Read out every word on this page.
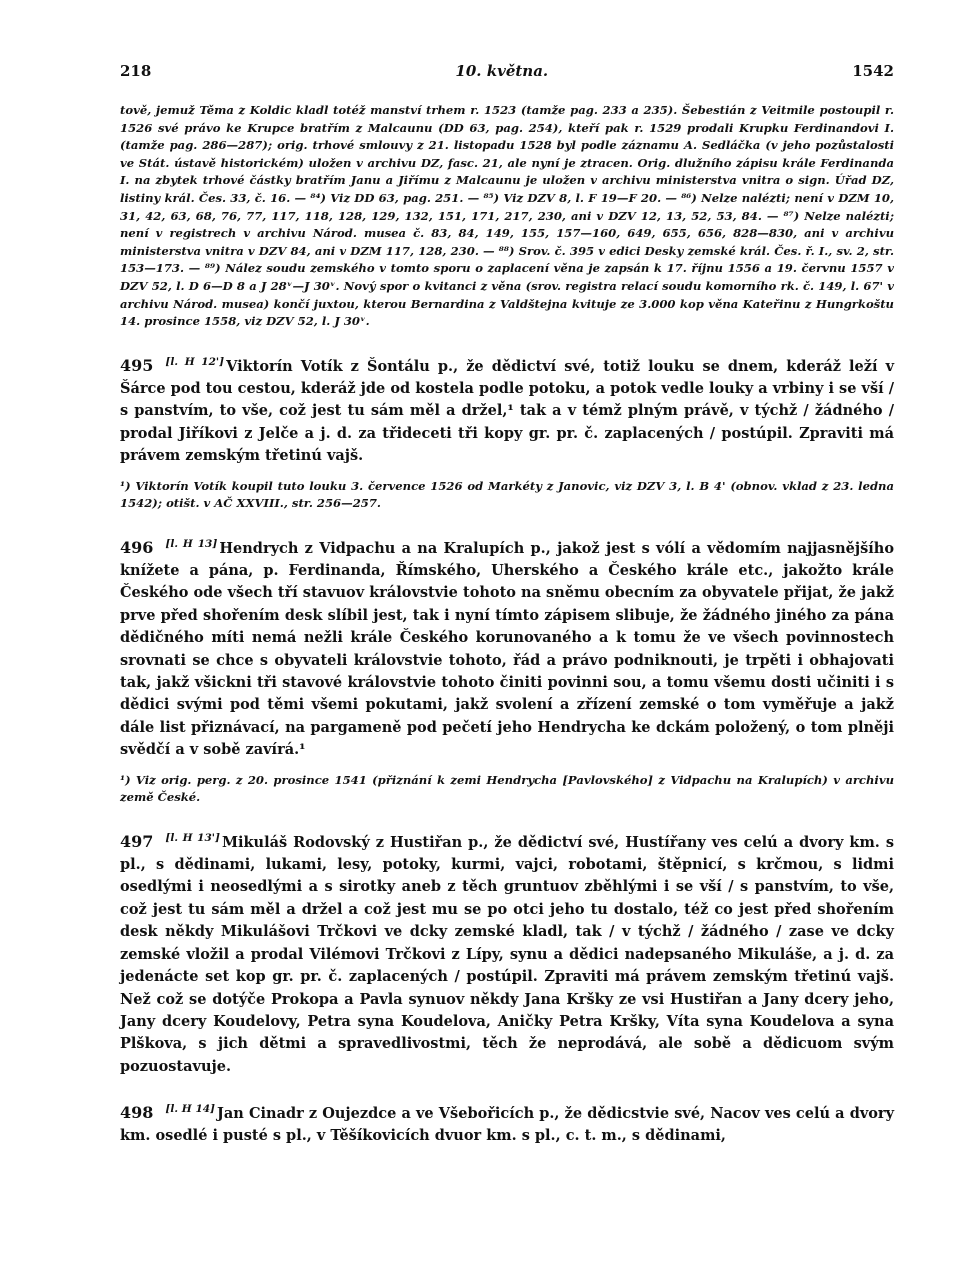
218	10. května.	1542
tově, jemuž Těma z Koldic kladl totéž manství trhem r. 1523 (tamže pag. 233 a 235). Šebestián z Veitmile postoupil r. 1526 své právo ke Krupce bratřím z Malcaunu (DD 63, pag. 254), kteří pak r. 1529 prodali Krupku Ferdinandovi I. (tamže pag. 286—287); orig. trhové smlouvy z 21. listopadu 1528 byl podle záznamu A. Sedláčka (v jeho pozůstalosti ve Stát. ústavě historickém) uložen v archivu DZ, fasc. 21, ale nyní je ztracen. Orig. dlužního zápisu krále Ferdinanda I. na zbytek trhové částky bratřím Janu a Jiřímu z Malcaunu je uložen v archivu ministerstva vnitra o sign. Úřad DZ, listiny král. Čes. 33, č. 16. — ⁸⁴) Viz DD 63, pag. 251. — ⁸⁵) Viz DZV 8, l. F 19—F 20. — ⁸⁶) Nelze nalézti; není v DZM 10, 31, 42, 63, 68, 76, 77, 117, 118, 128, 129, 132, 151, 171, 217, 230, ani v DZV 12, 13, 52, 53, 84. — ⁸⁷) Nelze nalézti; není v registrech v archivu Národ. musea č. 83, 84, 149, 155, 157—160, 649, 655, 656, 828—830, ani v archivu ministerstva vnitra v DZV 84, ani v DZM 117, 128, 230. — ⁸⁸) Srov. č. 395 v edici Desky zemské král. Čes. ř. I., sv. 2, str. 153—173. — ⁸⁹) Nález soudu zemského v tomto sporu o zaplacení věna je zapsán k 17. říjnu 1556 a 19. červnu 1557 v DZV 52, l. D 6—D 8 a J 28ᵛ—J 30ᵛ. Nový spor o kvitanci z věna (srov. registra relací soudu komorního rk. č. 149, l. 67' v archivu Národ. musea) končí juxtou, kterou Bernardina z Valdštejna kvituje ze 3.000 kop věna Kateřinu z Hungrkoštu 14. prosince 1558, viz DZV 52, l. J 30ᵛ.
495 [l. H 12'] Viktorín Votík z Šontálu p., že dědictví své, totiž louku se dnem, kderáž leží v Šárce pod tou cestou, kderáž jde od kostela podle potoku, a potok vedle louky a vrbiny i se vší / s panstvím, to vše, což jest tu sám měl a držel,¹ tak a v témž plným právě, v týchž / žádného / prodal Jiříkovi z Jelče a j. d. za třideceti tři kopy gr. pr. č. zaplacených / postúpil. Zpraviti má právem zemským třetinú vajš.
¹) Viktorín Votík koupil tuto louku 3. července 1526 od Markéty z Janovic, viz DZV 3, l. B 4' (obnov. vklad z 23. ledna 1542); otišt. v AČ XXVIII., str. 256—257.
496 [l. H 13] Hendrych z Vidpachu a na Kralupích p., jakož jest s vólí a vědomím najjasnějšího knížete a pána, p. Ferdinanda, Římského, Uherského a Českého krále etc., jakožto krále Českého ode všech tří stavuov královstvie tohoto na sněmu obecním za obyvatele přijat, že jakž prve před shořením desk slíbil jest, tak i nyní tímto zápisem slibuje, že žádného jiného za pána dědičného míti nemá nežli krále Českého korunovaného a k tomu že ve všech povinnostech srovnati se chce s obyvateli královstvie tohoto, řád a právo podniknouti, je trpěti i obhajovati tak, jakž všickni tři stavové královstvie tohoto činiti povinni sou, a tomu všemu dosti učiniti i s dědici svými pod těmi všemi pokutami, jakž svolení a zřízení zemské o tom vyměřuje a jakž dále list přiznávací, na pargameně pod pečetí jeho Hendrycha ke dckám položený, o tom plněji svědčí a v sobě zavírá.¹
¹) Viz orig. perg. z 20. prosince 1541 (přiznání k zemi Hendrycha [Pavlovského] z Vidpachu na Kralupích) v archivu země České.
497 [l. H 13'] Mikuláš Rodovský z Hustiřan p., že dědictví své, Hustířany ves celú a dvory km. s pl., s dědinami, lukami, lesy, potoky, kurmi, vajci, robotami, štěpnicí, s krčmou, s lidmi osedlými i neosedlými a s sirotky aneb z těch gruntuov zběhlými i se vší / s panstvím, to vše, což jest tu sám měl a držel a což jest mu se po otci jeho tu dostalo, též co jest před shořením desk někdy Mikulášovi Trčkovi ve dcky zemské kladl, tak / v týchž / žádného / zase ve dcky zemské vložil a prodal Vilémovi Trčkovi z Lípy, synu a dědici nadepsaného Mikuláše, a j. d. za jedenácte set kop gr. pr. č. zaplacených / postúpil. Zpraviti má právem zemským třetinú vajš. Než což se dotýče Prokopa a Pavla synuov někdy Jana Kršky ze vsi Hustiřan a Jany dcery jeho, Jany dcery Koudelovy, Petra syna Koudelova, Aničky Petra Kršky, Víta syna Koudelova a syna Plškova, s jich dětmi a spravedlivostmi, těch že neprodává, ale sobě a dědicuom svým pozuostavuje.
498 [l. H 14] Jan Cinadr z Oujezdce a ve Všebořicích p., že dědicstvie své, Nacov ves celú a dvory km. osedlé i pusté s pl., v Těšíkovicích dvuor km. s pl., c. t. m., s dědinami,
